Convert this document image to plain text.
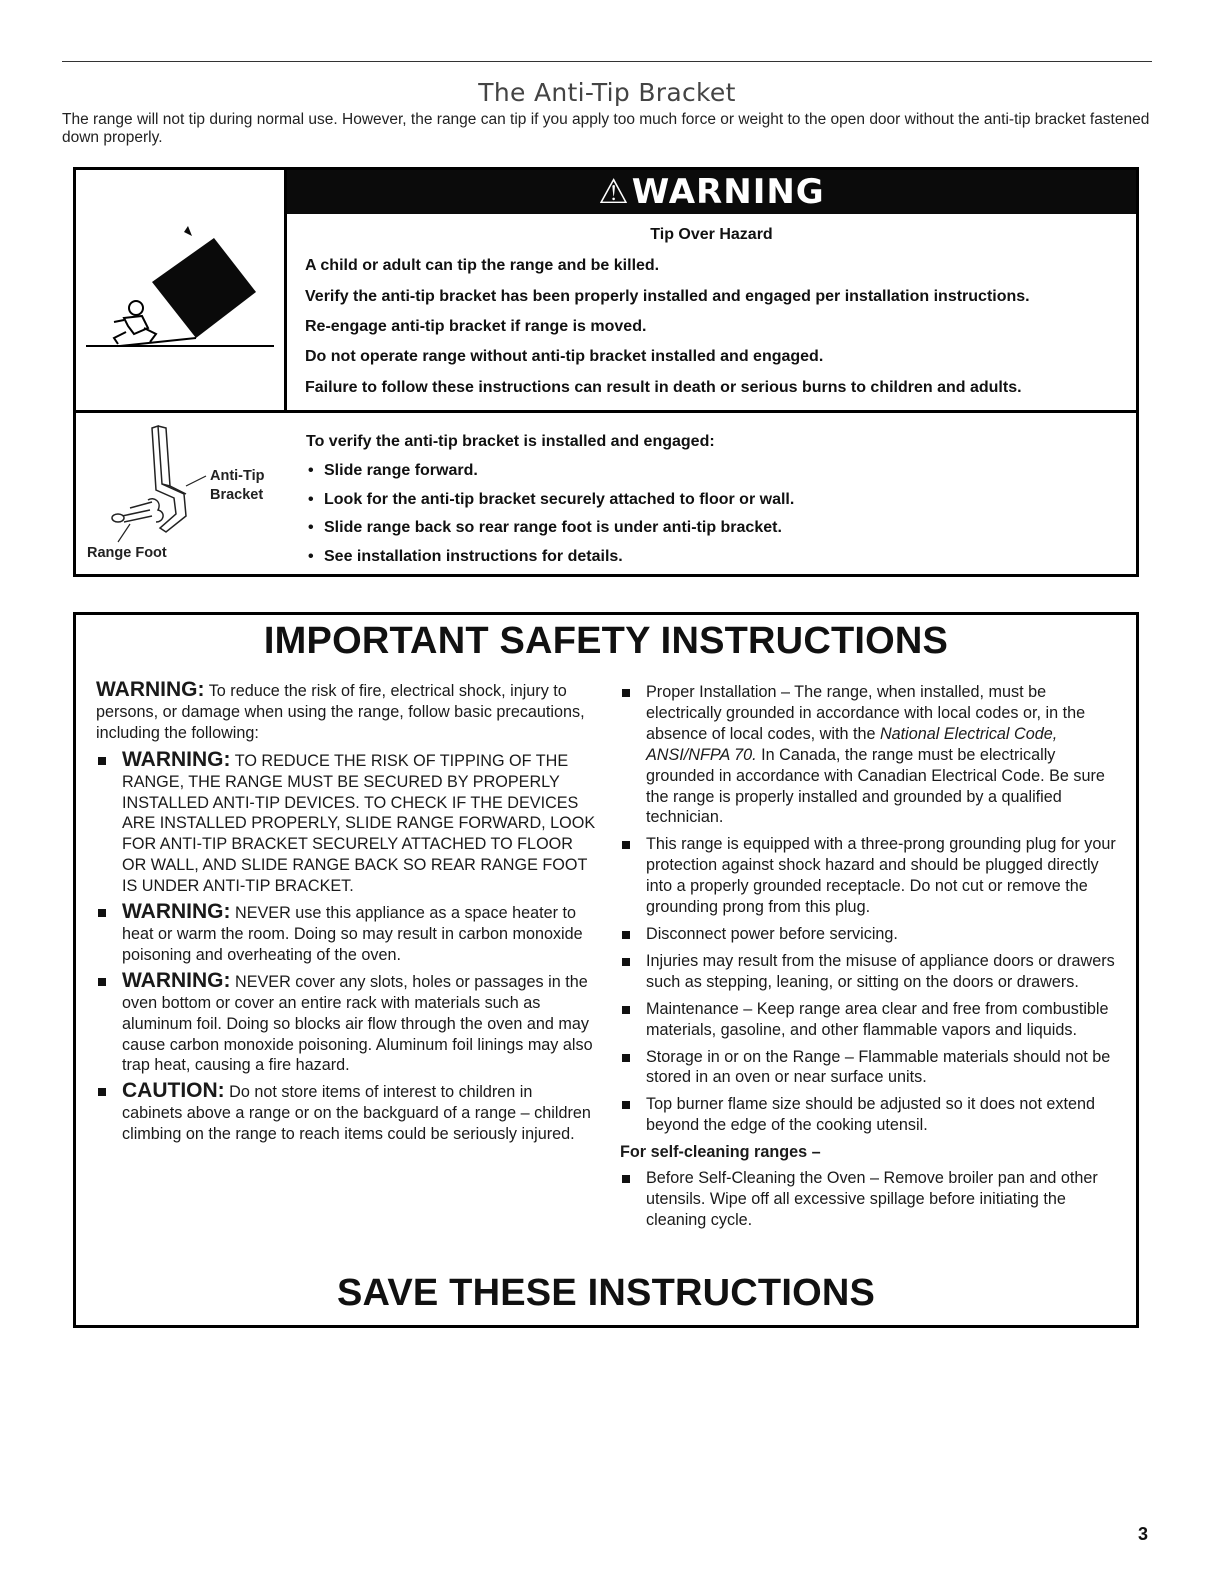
The Anti-Tip Bracket
The range will not tip during normal use. However, the range can tip if you apply too much force or weight to the open door without the anti-tip bracket fastened down properly.
⚠ WARNING
Tip Over Hazard
A child or adult can tip the range and be killed.
Verify the anti-tip bracket has been properly installed and engaged per installation instructions.
Re-engage anti-tip bracket if range is moved.
Do not operate range without anti-tip bracket installed and engaged.
Failure to follow these instructions can result in death or serious burns to children and adults.
Anti-Tip
Bracket
Range Foot
To verify the anti-tip bracket is installed and engaged:
• Slide range forward.
• Look for the anti-tip bracket securely attached to floor or wall.
• Slide range back so rear range foot is under anti-tip bracket.
• See installation instructions for details.
IMPORTANT SAFETY INSTRUCTIONS

WARNING: To reduce the risk of fire, electrical shock, injury to persons, or damage when using the range, follow basic precautions, including the following:

WARNING: TO REDUCE THE RISK OF TIPPING OF THE RANGE, THE RANGE MUST BE SECURED BY PROPERLY INSTALLED ANTI-TIP DEVICES. TO CHECK IF THE DEVICES ARE INSTALLED PROPERLY, SLIDE RANGE FORWARD, LOOK FOR ANTI-TIP BRACKET SECURELY ATTACHED TO FLOOR OR WALL, AND SLIDE RANGE BACK SO REAR RANGE FOOT IS UNDER ANTI-TIP BRACKET.
WARNING: NEVER use this appliance as a space heater to heat or warm the room. Doing so may result in carbon monoxide poisoning and overheating of the oven.
WARNING: NEVER cover any slots, holes or passages in the oven bottom or cover an entire rack with materials such as aluminum foil. Doing so blocks air flow through the oven and may cause carbon monoxide poisoning. Aluminum foil linings may also trap heat, causing a fire hazard.
CAUTION: Do not store items of interest to children in cabinets above a range or on the backguard of a range – children climbing on the range to reach items could be seriously injured.
Proper Installation – The range, when installed, must be electrically grounded in accordance with local codes or, in the absence of local codes, with the National Electrical Code, ANSI/NFPA 70. In Canada, the range must be electrically grounded in accordance with Canadian Electrical Code. Be sure the range is properly installed and grounded by a qualified technician.
This range is equipped with a three-prong grounding plug for your protection against shock hazard and should be plugged directly into a properly grounded receptacle. Do not cut or remove the grounding prong from this plug.
Disconnect power before servicing.
Injuries may result from the misuse of appliance doors or drawers such as stepping, leaning, or sitting on the doors or drawers.
Maintenance – Keep range area clear and free from combustible materials, gasoline, and other flammable vapors and liquids.
Storage in or on the Range – Flammable materials should not be stored in an oven or near surface units.
Top burner flame size should be adjusted so it does not extend beyond the edge of the cooking utensil.
For self-cleaning ranges –
Before Self-Cleaning the Oven – Remove broiler pan and other utensils. Wipe off all excessive spillage before initiating the cleaning cycle.
SAVE THESE INSTRUCTIONS
3
